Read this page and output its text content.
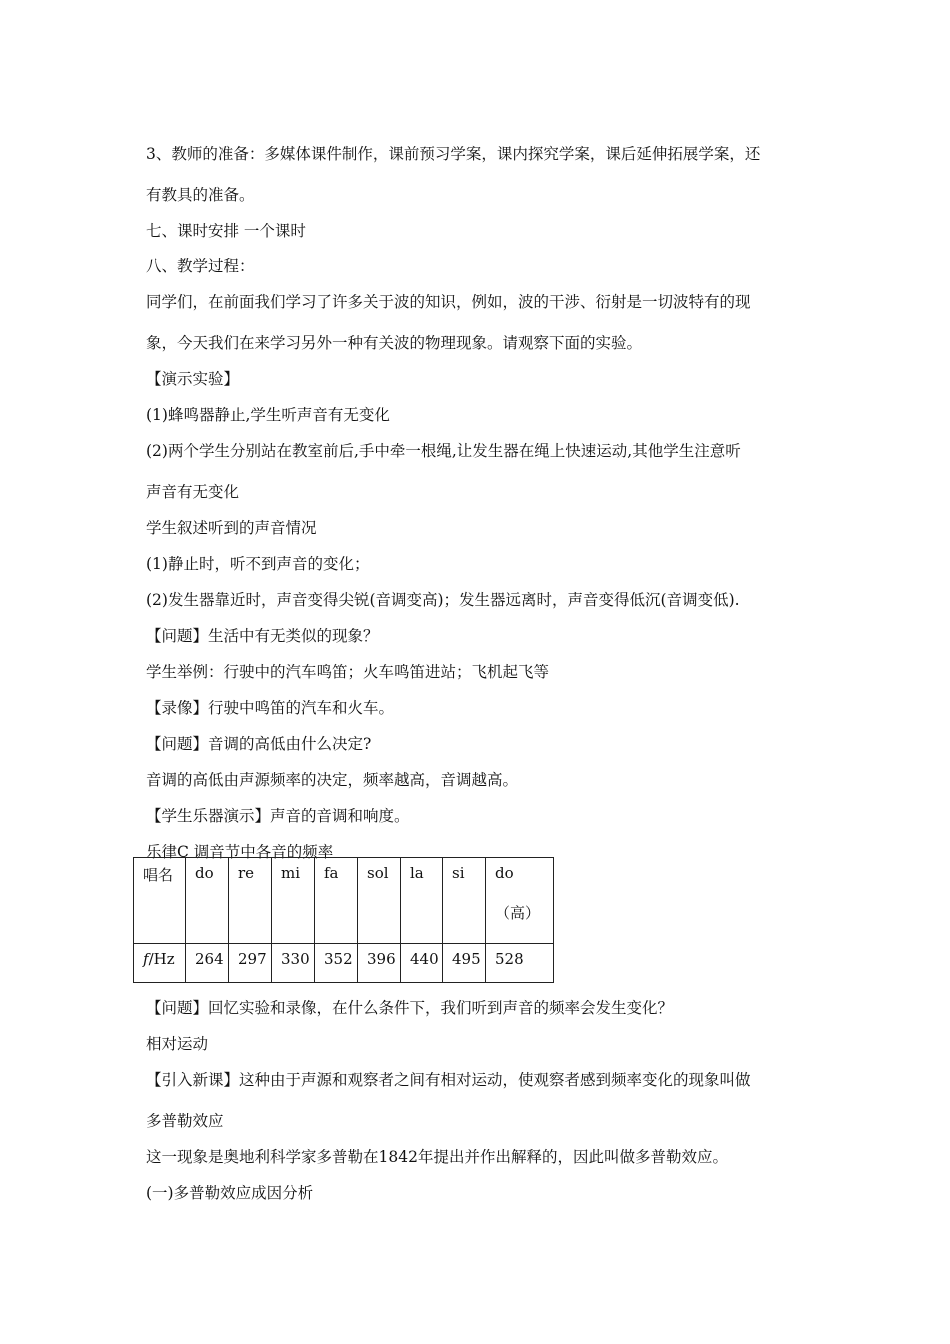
3、教师的准备：多媒体课件制作，课前预习学案，课内探究学案，课后延伸拓展学案，还

有教具的准备。

七、课时安排 一个课时

八、教学过程：

同学们，在前面我们学习了许多关于波的知识，例如，波的干涉、衍射是一切波特有的现

象，今天我们在来学习另外一种有关波的物理现象。请观察下面的实验。

【演示实验】

(1)蜂鸣器静止,学生听声音有无变化

(2)两个学生分别站在教室前后,手中牵一根绳,让发生器在绳上快速运动,其他学生注意听

声音有无变化

学生叙述听到的声音情况

(1)静止时，听不到声音的变化；

(2)发生器靠近时，声音变得尖锐(音调变高)；发生器远离时，声音变得低沉(音调变低).

【问题】生活中有无类似的现象？

学生举例：行驶中的汽车鸣笛；火车鸣笛进站；飞机起飞等

【录像】行驶中鸣笛的汽车和火车。

【问题】音调的高低由什么决定?

音调的高低由声源频率的决定，频率越高，音调越高。

【学生乐器演示】声音的音调和响度。

乐律C 调音节中各音的频率

唱名	do	re	mi	fa	sol	la	si	do
（高）

f/Hz	264	297	330	352	396	440	495	528

【问题】回忆实验和录像，在什么条件下，我们听到声音的频率会发生变化？

相对运动

【引入新课】这种由于声源和观察者之间有相对运动，使观察者感到频率变化的现象叫做

多普勒效应

这一现象是奥地利科学家多普勒在1842年提出并作出解释的，因此叫做多普勒效应。

(一)多普勒效应成因分析
